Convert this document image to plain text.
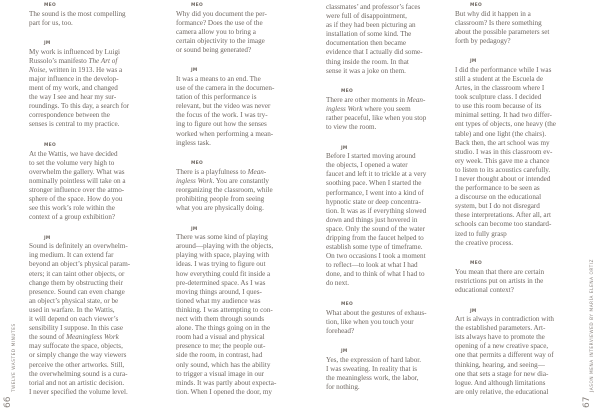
MEO
The sound is the most compelling
part for us, too.
JM
My work is influenced by Luigi
Russolo’s manifesto The Art of
Noise, written in 1913. He was a
major influence in the develop-
ment of my work, and changed
the way I see and hear my sur-
roundings. To this day, a search for
correspondence between the
senses is central to my practice.
MEO
At the Wattis, we have decided
to set the volume very high to
overwhelm the gallery. What was
nominally pointless will take on a
stronger influence over the atmo-
sphere of the space. How do you
see this work’s role within the
context of a group exhibition?
JM
Sound is definitely an overwhelm-
ing medium. It can extend far
beyond an object’s physical param-
eters; it can taint other objects, or
change them by obstructing their
presence. Sound can even change
an object’s physical state, or be
used in warfare. In the Wattis,
it will depend on each viewer’s
sensibility I suppose. In this case
the sound of Meaningless Work
may suffocate the space, objects,
or simply change the way viewers
perceive the other artworks. Still,
the overwhelming sound is a cura-
torial and not an artistic decision.
I never specified the volume level.
MEO
Why did you document the per-
formance? Does the use of the
camera allow you to bring a
certain objectivity to the image
or sound being generated?
JM
It was a means to an end. The
use of the camera in the documen-
tation of this performance is
relevant, but the video was never
the focus of the work. I was try-
ing to figure out how the senses
worked when performing a mean-
ingless task.
MEO
There is a playfulness to Mean-
ingless Work. You are constantly
reorganizing the classroom, while
prohibiting people from seeing
what you are physically doing.
JM
There was some kind of playing
around—playing with the objects,
playing with space, playing with
ideas. I was trying to figure out
how everything could fit inside a
pre-determined space. As I was
moving things around, I ques-
tioned what my audience was
thinking. I was attempting to con-
nect with them through sounds
alone. The things going on in the
room had a visual and physical
presence to me; the people out-
side the room, in contrast, had
only sound, which has the ability
to trigger a visual image in our
minds. It was partly about expecta-
tion. When I opened the door, my
classmates’ and professor’s faces
were full of disappointment,
as if they had been picturing an
installation of some kind. The
documentation then became
evidence that I actually did some-
thing inside the room. In that
sense it was a joke on them.
MEO
There are other moments in Mean-
ingless Work where you seem
rather peaceful, like when you stop
to view the room.
JM
Before I started moving around
the objects, I opened a water
faucet and left it to trickle at a very
soothing pace. When I started the
performance, I went into a kind of
hypnotic state or deep concentra-
tion. It was as if everything slowed
down and things just hovered in
space. Only the sound of the water
dripping from the faucet helped to
establish some type of timeframe.
On two occasions I took a moment
to reflect—to look at what I had
done, and to think of what I had to
do next.
MEO
What about the gestures of exhaus-
tion, like when you touch your
forehead?
JM
Yes, the expression of hard labor.
I was sweating. In reality that is
the meaningless work, the labor,
for nothing.
MEO
But why did it happen in a
classroom? Is there something
about the possible parameters set
forth by pedagogy?
JM
I did the performance while I was
still a student at the Escuela de
Artes, in the classroom where I
took sculpture class. I decided
to use this room because of its
minimal setting. It had two differ-
ent types of objects, one heavy (the
table) and one light (the chairs).
Back then, the art school was my
studio. I was in this classroom ev-
ery week. This gave me a chance
to listen to its acoustics carefully.
I never thought about or intended
the performance to be seen as
a discourse on the educational
system, but I do not disregard
these interpretations. After all, art
schools can become too standard-
ized to fully grasp
the creative process.
MEO
You mean that there are certain
restrictions put on artists in the
educational context?
JM
Art is always in contradiction with
the established parameters. Art-
ists always have to promote the
opening of a new creative space,
one that permits a different way of
thinking, hearing, and seeing—
one that sets a stage for new dia-
logue. And although limitations
are only relative, the educational
TWELVE WASTED MINUTES
66
JASON MENA INTERVIEWED BY MARÍA ELENA ORTIZ
67
